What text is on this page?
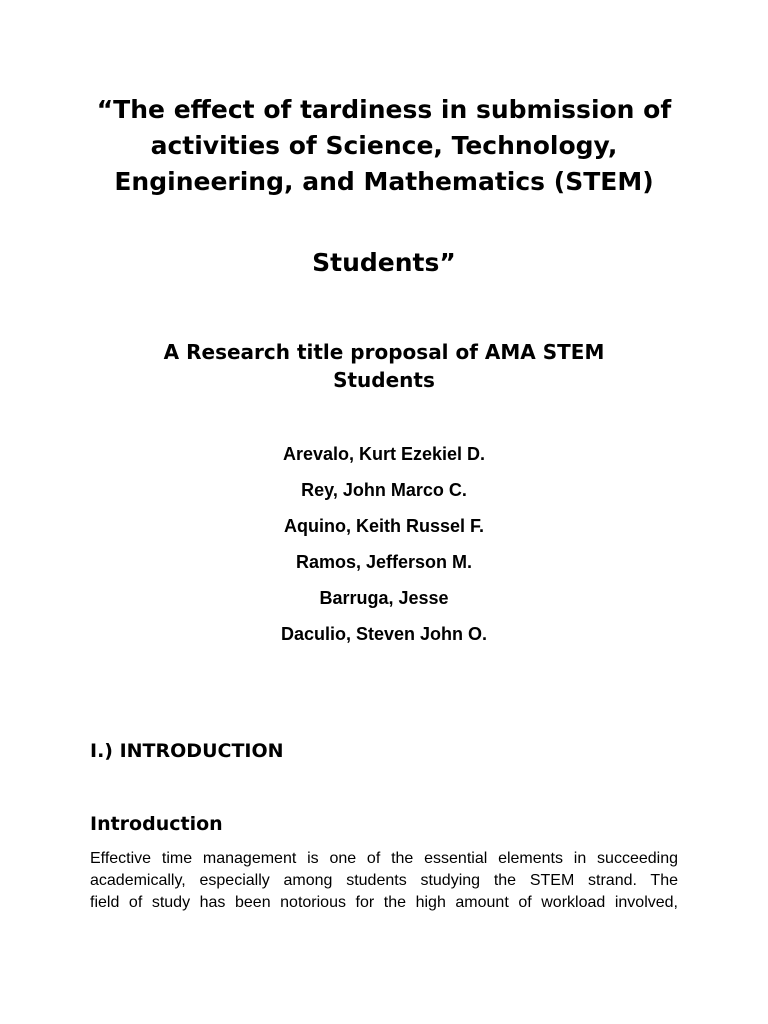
“The effect of tardiness in submission of activities of Science, Technology, Engineering, and Mathematics (STEM)
Students”
A Research title proposal of AMA STEM Students
Arevalo, Kurt Ezekiel D.
Rey, John Marco C.
Aquino, Keith Russel F.
Ramos, Jefferson M.
Barruga, Jesse
Daculio, Steven John O.
I.) INTRODUCTION
Introduction

Effective time management is one of the essential elements in succeeding
academically, especially among students studying the STEM strand. The
field of study has been notorious for the high amount of workload involved,
